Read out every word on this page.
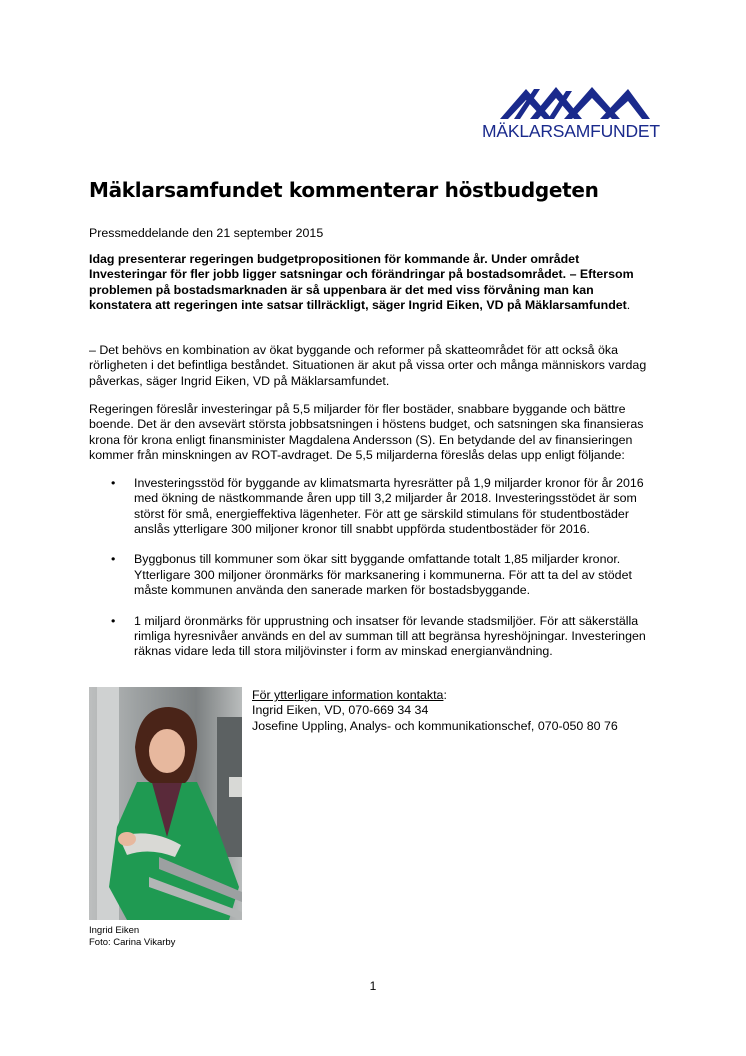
MÄKLARSAMFUNDET
Mäklarsamfundet kommenterar höstbudgeten

Pressmeddelande den 21 september 2015

Idag presenterar regeringen budgetpropositionen för kommande år. Under området Investeringar för fler jobb ligger satsningar och förändringar på bostadsområdet. – Eftersom problemen på bostadsmarknaden är så uppenbara är det med viss förvåning man kan konstatera att regeringen inte satsar tillräckligt, säger Ingrid Eiken, VD på Mäklarsamfundet.

– Det behövs en kombination av ökat byggande och reformer på skatteområdet för att också öka rörligheten i det befintliga beståndet. Situationen är akut på vissa orter och många människors vardag påverkas, säger Ingrid Eiken, VD på Mäklarsamfundet.

Regeringen föreslår investeringar på 5,5 miljarder för fler bostäder, snabbare byggande och bättre boende. Det är den avsevärt största jobbsatsningen i höstens budget, och satsningen ska finansieras krona för krona enligt finansminister Magdalena Andersson (S). En betydande del av finansieringen kommer från minskningen av ROT-avdraget. De 5,5 miljarderna föreslås delas upp enligt följande:

• Investeringsstöd för byggande av klimatsmarta hyresrätter på 1,9 miljarder kronor för år 2016 med ökning de nästkommande åren upp till 3,2 miljarder år 2018. Investeringsstödet är som störst för små, energieffektiva lägenheter. För att ge särskild stimulans för studentbostäder anslås ytterligare 300 miljoner kronor till snabbt uppförda studentbostäder för 2016.
• Byggbonus till kommuner som ökar sitt byggande omfattande totalt 1,85 miljarder kronor. Ytterligare 300 miljoner öronmärks för marksanering i kommunerna. För att ta del av stödet måste kommunen använda den sanerade marken för bostadsbyggande.
• 1 miljard öronmärks för upprustning och insatser för levande stadsmiljöer. För att säkerställa rimliga hyresnivåer används en del av summan till att begränsa hyreshöjningar. Investeringen räknas vidare leda till stora miljövinster i form av minskad energianvändning.
Ingrid Eiken
Foto: Carina Vikarby
För ytterligare information kontakta:
Ingrid Eiken, VD, 070-669 34 34
Josefine Uppling, Analys- och kommunikationschef, 070-050 80 76
1
